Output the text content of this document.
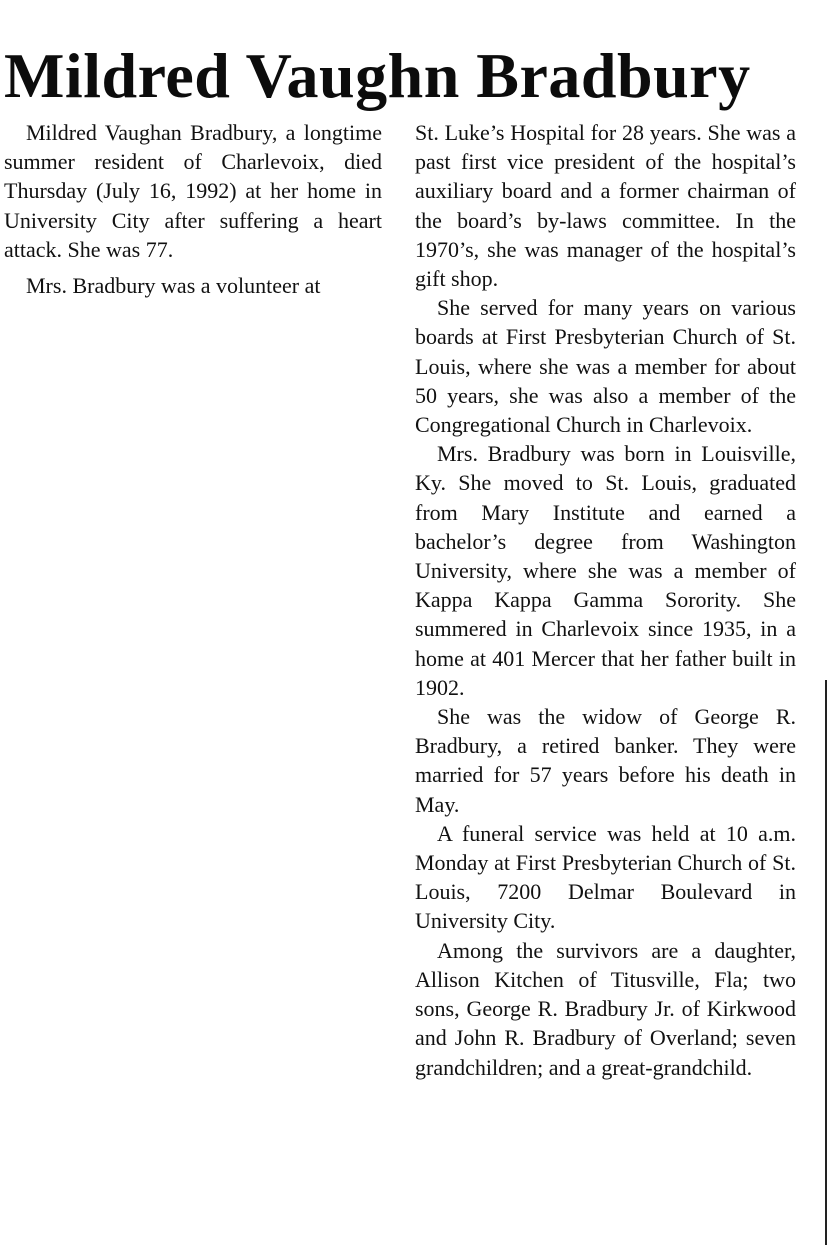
Mildred Vaughn Bradbury

Mildred Vaughan Bradbury, a longtime summer resident of Charlevoix, died Thursday (July 16, 1992) at her home in University City after suffering a heart attack. She was 77.

Mrs. Bradbury was a volunteer at

St. Luke’s Hospital for 28 years. She was a past first vice president of the hospital’s auxiliary board and a former chairman of the board’s by-laws committee. In the 1970’s, she was manager of the hospital’s gift shop.

She served for many years on various boards at First Presbyterian Church of St. Louis, where she was a member for about 50 years, she was also a member of the Congregational Church in Charlevoix.

Mrs. Bradbury was born in Louisville, Ky. She moved to St. Louis, graduated from Mary Institute and earned a bachelor’s degree from Washington University, where she was a member of Kappa Kappa Gamma Sorority. She summered in Charlevoix since 1935, in a home at 401 Mercer that her father built in 1902.

She was the widow of George R. Bradbury, a retired banker. They were married for 57 years before his death in May.

A funeral service was held at 10 a.m. Monday at First Presbyterian Church of St. Louis, 7200 Delmar Boulevard in University City.

Among the survivors are a daughter, Allison Kitchen of Titusville, Fla; two sons, George R. Bradbury Jr. of Kirkwood and John R. Bradbury of Overland; seven grandchildren; and a great-grandchild.
